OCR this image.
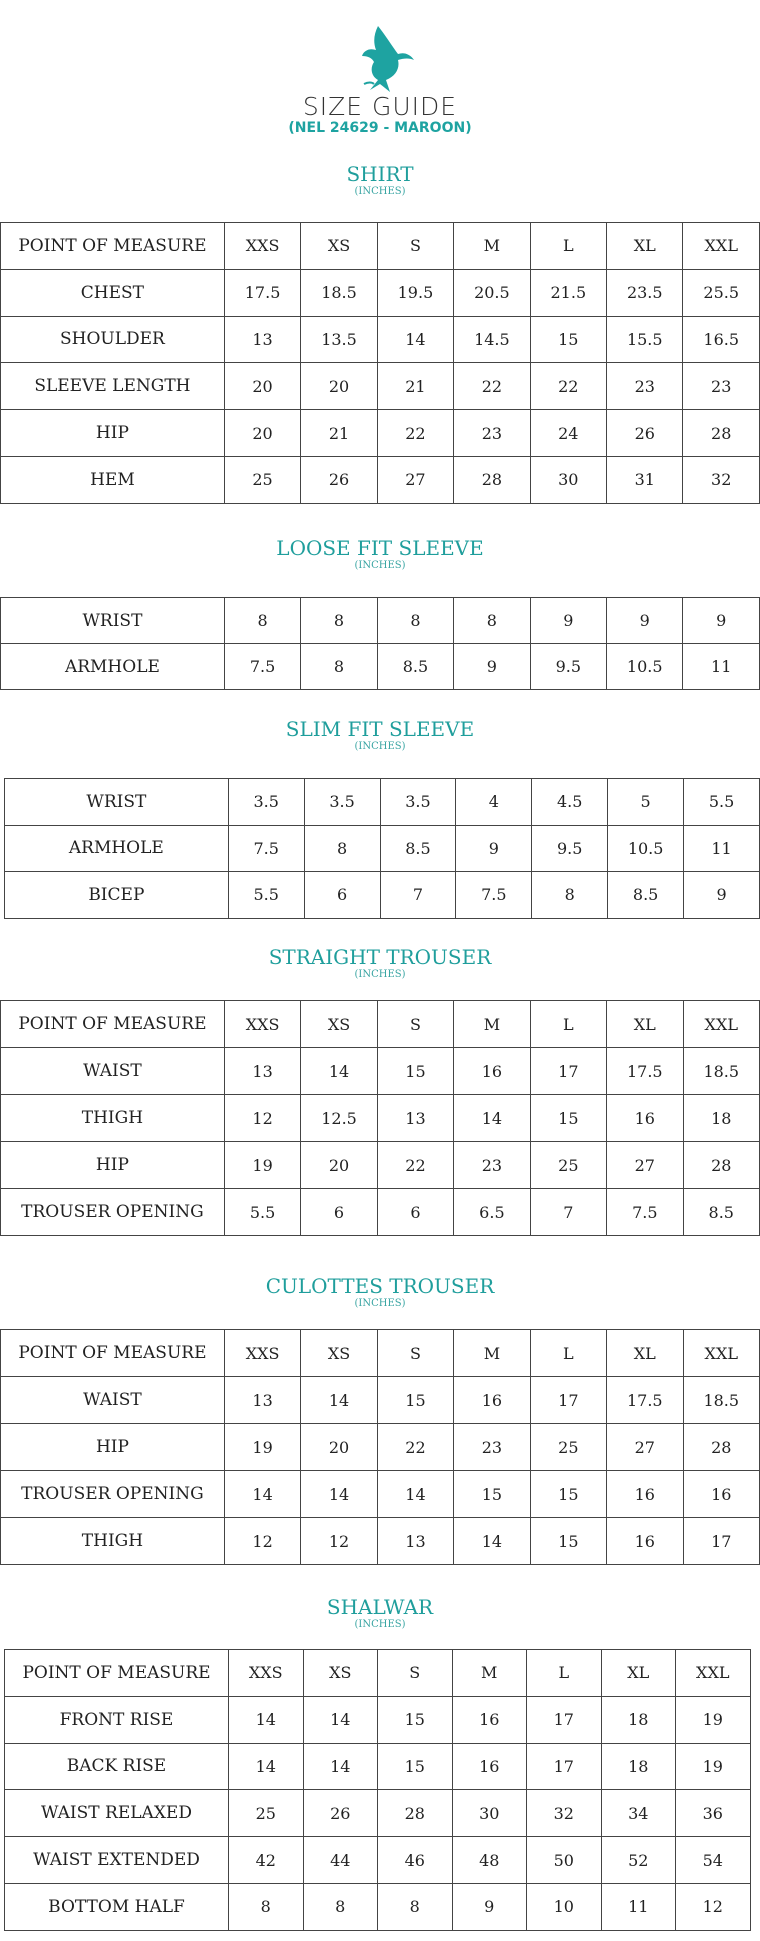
SIZE GUIDE
(NEL 24629 - MAROON)
SHIRT
(INCHES)
POINT OF MEASURE	XXS	XS	S	M	L	XL	XXL
CHEST	17.5	18.5	19.5	20.5	21.5	23.5	25.5
SHOULDER	13	13.5	14	14.5	15	15.5	16.5
SLEEVE LENGTH	20	20	21	22	22	23	23
HIP	20	21	22	23	24	26	28
HEM	25	26	27	28	30	31	32
LOOSE FIT SLEEVE
(INCHES)
WRIST	8	8	8	8	9	9	9
ARMHOLE	7.5	8	8.5	9	9.5	10.5	11
SLIM FIT SLEEVE
(INCHES)
WRIST	3.5	3.5	3.5	4	4.5	5	5.5
ARMHOLE	7.5	8	8.5	9	9.5	10.5	11
BICEP	5.5	6	7	7.5	8	8.5	9
STRAIGHT TROUSER
(INCHES)
POINT OF MEASURE	XXS	XS	S	M	L	XL	XXL
WAIST	13	14	15	16	17	17.5	18.5
THIGH	12	12.5	13	14	15	16	18
HIP	19	20	22	23	25	27	28
TROUSER OPENING	5.5	6	6	6.5	7	7.5	8.5
CULOTTES TROUSER
(INCHES)
POINT OF MEASURE	XXS	XS	S	M	L	XL	XXL
WAIST	13	14	15	16	17	17.5	18.5
HIP	19	20	22	23	25	27	28
TROUSER OPENING	14	14	14	15	15	16	16
THIGH	12	12	13	14	15	16	17
SHALWAR
(INCHES)
POINT OF MEASURE	XXS	XS	S	M	L	XL	XXL
FRONT RISE	14	14	15	16	17	18	19
BACK RISE	14	14	15	16	17	18	19
WAIST RELAXED	25	26	28	30	32	34	36
WAIST EXTENDED	42	44	46	48	50	52	54
BOTTOM HALF	8	8	8	9	10	11	12
